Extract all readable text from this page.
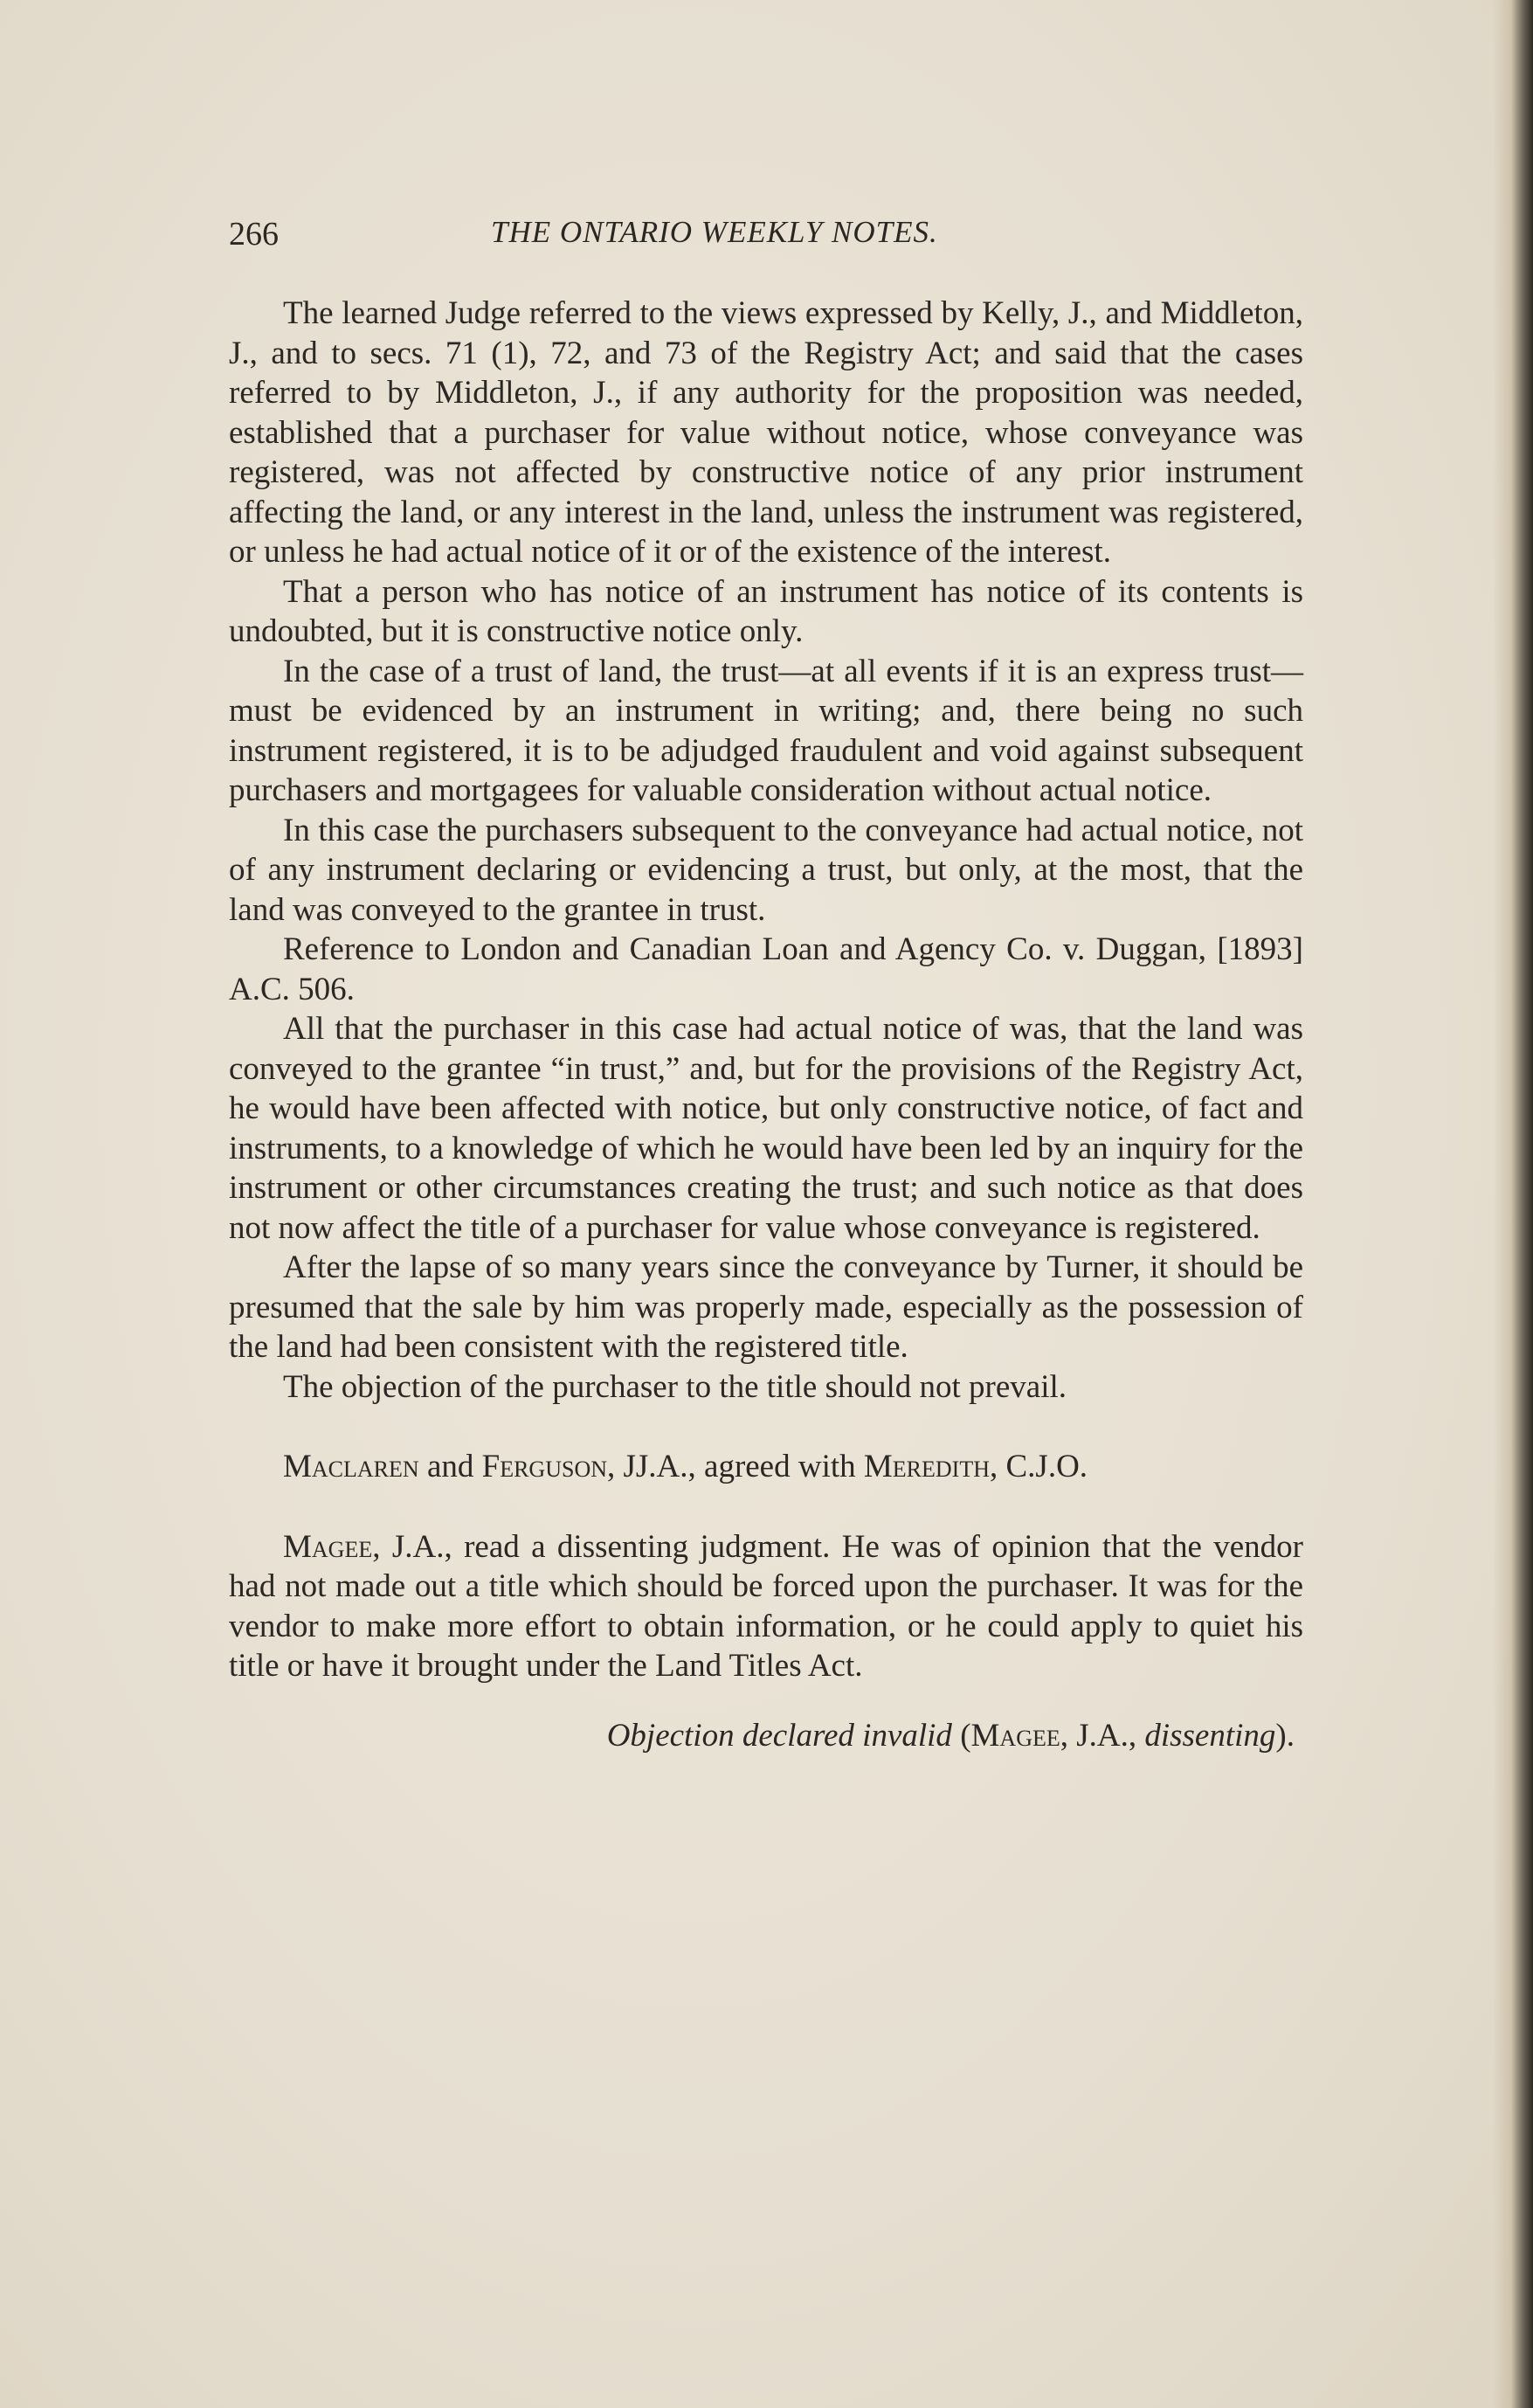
266	THE ONTARIO WEEKLY NOTES.

The learned Judge referred to the views expressed by Kelly, J., and Middleton, J., and to secs. 71 (1), 72, and 73 of the Registry Act; and said that the cases referred to by Middleton, J., if any authority for the proposition was needed, established that a purchaser for value without notice, whose conveyance was registered, was not affected by constructive notice of any prior instrument affecting the land, or any interest in the land, unless the instrument was registered, or unless he had actual notice of it or of the existence of the interest.

That a person who has notice of an instrument has notice of its contents is undoubted, but it is constructive notice only.

In the case of a trust of land, the trust—at all events if it is an express trust—must be evidenced by an instrument in writing; and, there being no such instrument registered, it is to be adjudged fraudulent and void against subsequent purchasers and mortgagees for valuable consideration without actual notice.

In this case the purchasers subsequent to the conveyance had actual notice, not of any instrument declaring or evidencing a trust, but only, at the most, that the land was conveyed to the grantee in trust.

Reference to London and Canadian Loan and Agency Co. v. Duggan, [1893] A.C. 506.

All that the purchaser in this case had actual notice of was, that the land was conveyed to the grantee “in trust,” and, but for the provisions of the Registry Act, he would have been affected with notice, but only constructive notice, of fact and instruments, to a knowledge of which he would have been led by an inquiry for the instrument or other circumstances creating the trust; and such notice as that does not now affect the title of a purchaser for value whose conveyance is registered.

After the lapse of so many years since the conveyance by Turner, it should be presumed that the sale by him was properly made, especially as the possession of the land had been consistent with the registered title.

The objection of the purchaser to the title should not prevail.

Maclaren and Ferguson, JJ.A., agreed with Meredith, C.J.O.

Magee, J.A., read a dissenting judgment. He was of opinion that the vendor had not made out a title which should be forced upon the purchaser. It was for the vendor to make more effort to obtain information, or he could apply to quiet his title or have it brought under the Land Titles Act.

Objection declared invalid (Magee, J.A., dissenting).
